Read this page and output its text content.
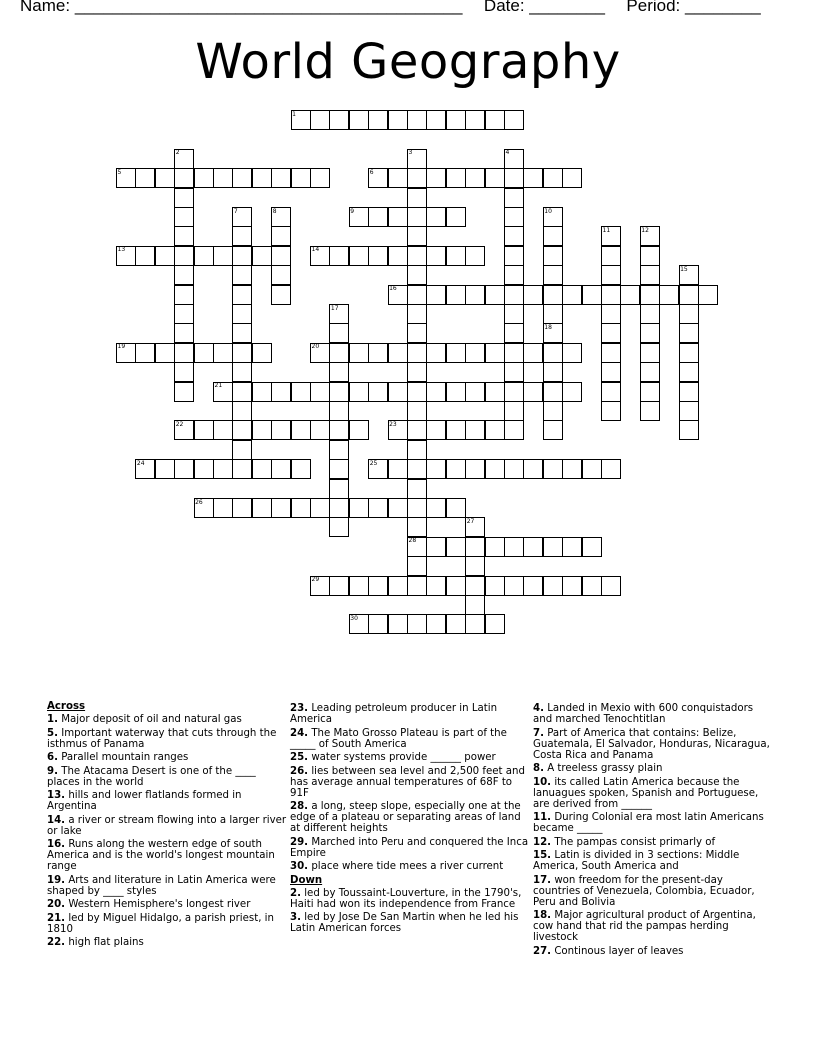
Name: _________________________________________ Date: ________ Period: ________
World Geography
1
2	3	4
5	6
7	8	9	10
11	12
13	14
15
16
17
18
19	20
21
22	23
24	25
26
27
28
29
30

Across

1. Major deposit of oil and natural gas

5. Important waterway that cuts through the isthmus of Panama

6. Parallel mountain ranges

9. The Atacama Desert is one of the ____ places in the world

13. hills and lower flatlands formed in Argentina

14. a river or stream flowing into a larger river or lake

16. Runs along the western edge of south America and is the world's longest mountain range

19. Arts and literature in Latin America were shaped by ____ styles

20. Western Hemisphere's longest river

21. led by Miguel Hidalgo, a parish priest, in 1810

22. high flat plains

23. Leading petroleum producer in Latin America

24. The Mato Grosso Plateau is part of the _____ of South America

25. water systems provide ______ power

26. lies between sea level and 2,500 feet and has average annual temperatures of 68F to 91F

28. a long, steep slope, especially one at the edge of a plateau or separating areas of land at different heights

29. Marched into Peru and conquered the Inca Empire

30. place where tide mees a river current

Down

2. led by Toussaint-Louverture, in the 1790's, Haiti had won its independence from France

3. led by Jose De San Martin when he led his Latin American forces

4. Landed in Mexio with 600 conquistadors and marched Tenochtitlan

7. Part of America that contains: Belize, Guatemala, El Salvador, Honduras, Nicaragua, Costa Rica and Panama

8. A treeless grassy plain

10. its called Latin America because the lanuagues spoken, Spanish and Portuguese, are derived from ______

11. During Colonial era most latin Americans became _____

12. The pampas consist primarly of

15. Latin is divided in 3 sections: Middle America, South America and

17. won freedom for the present-day countries of Venezuela, Colombia, Ecuador, Peru and Bolivia

18. Major agricultural product of Argentina, cow hand that rid the pampas herding livestock

27. Continous layer of leaves
